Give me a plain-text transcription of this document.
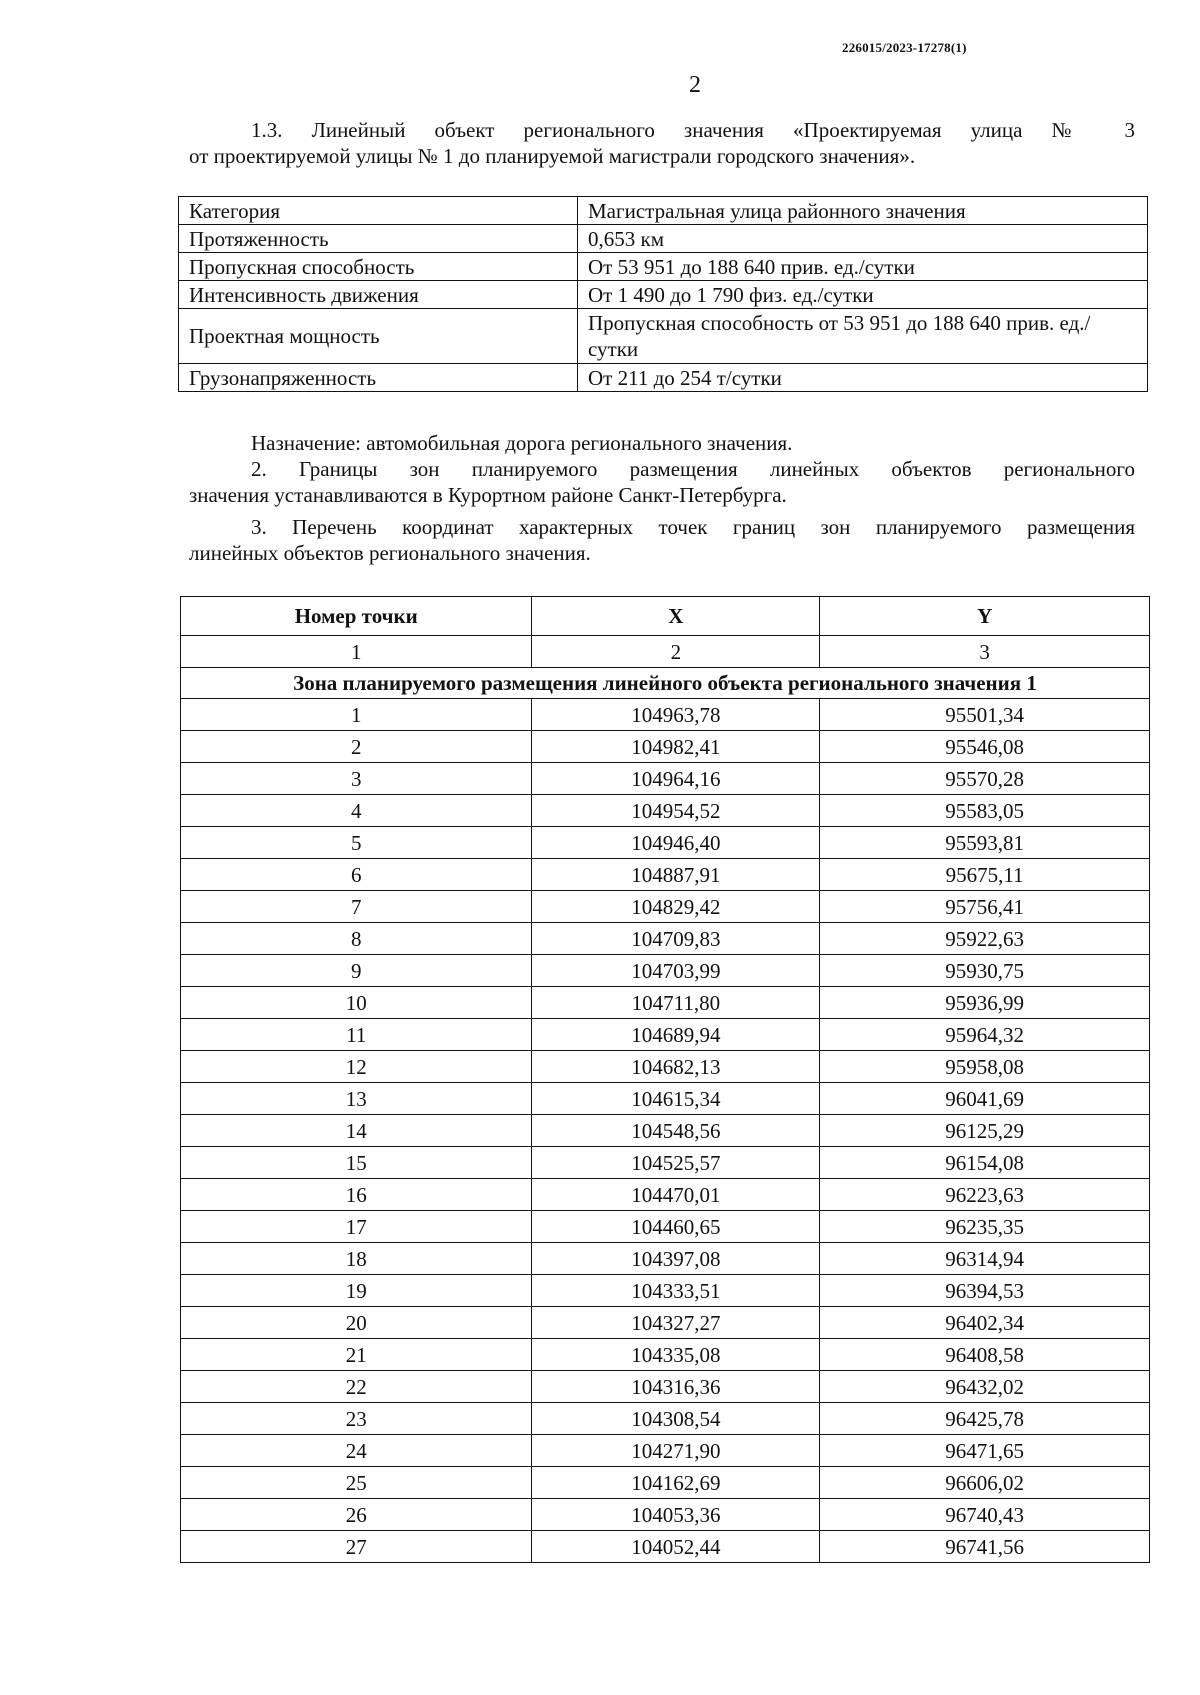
226015/2023-17278(1)
2

1.3. Линейный объект регионального значения «Проектируемая улица № 3
от проектируемой улицы № 1 до планируемой магистрали городского значения».

Категория	Магистральная улица районного значения
Протяженность	0,653 км
Пропускная способность	От 53 951 до 188 640 прив. ед./сутки
Интенсивность движения	От 1 490 до 1 790 физ. ед./сутки
Проектная мощность	Пропускная способность от 53 951 до 188 640 прив. ед./сутки
Грузонапряженность	От 211 до 254 т/сутки

Назначение: автомобильная дорога регионального значения.

2. Границы зон планируемого размещения линейных объектов регионального
значения устанавливаются в Курортном районе Санкт-Петербурга.

3. Перечень координат характерных точек границ зон планируемого размещения
линейных объектов регионального значения.

Номер точки	X	Y
1	2	3
Зона планируемого размещения линейного объекта регионального значения 1		
1	104963,78	95501,34
2	104982,41	95546,08
3	104964,16	95570,28
4	104954,52	95583,05
5	104946,40	95593,81
6	104887,91	95675,11
7	104829,42	95756,41
8	104709,83	95922,63
9	104703,99	95930,75
10	104711,80	95936,99
11	104689,94	95964,32
12	104682,13	95958,08
13	104615,34	96041,69
14	104548,56	96125,29
15	104525,57	96154,08
16	104470,01	96223,63
17	104460,65	96235,35
18	104397,08	96314,94
19	104333,51	96394,53
20	104327,27	96402,34
21	104335,08	96408,58
22	104316,36	96432,02
23	104308,54	96425,78
24	104271,90	96471,65
25	104162,69	96606,02
26	104053,36	96740,43
27	104052,44	96741,56
